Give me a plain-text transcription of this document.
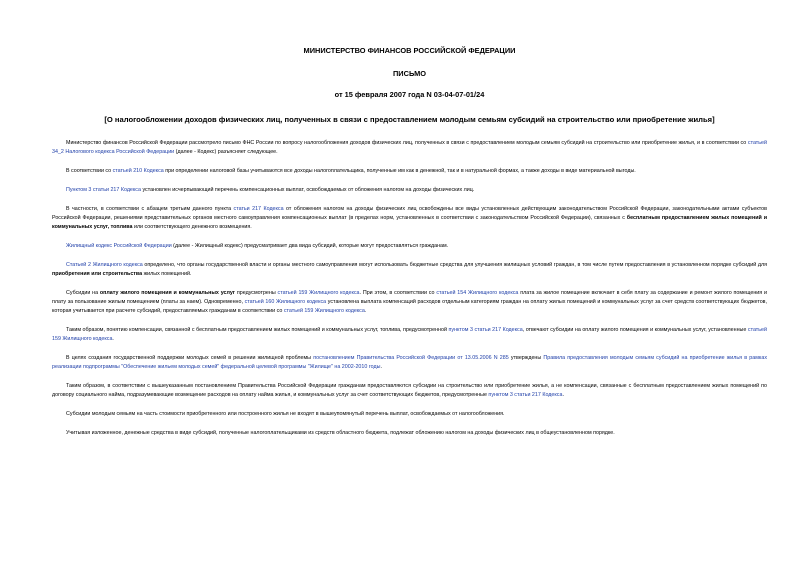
МИНИСТЕРСТВО ФИНАНСОВ РОССИЙСКОЙ ФЕДЕРАЦИИ
ПИСЬМО
от 15 февраля 2007 года N 03-04-07-01/24
[О налогообложении доходов физических лиц, полученных в связи с предоставлением молодым семьям субсидий на строительство или приобретение жилья]

Министерство финансов Российской Федерации рассмотрело письмо ФНС России по вопросу налогообложения доходов физических лиц, полученных в связи с предоставлением молодым семьям субсидий на строительство или приобретение жилья, и в соответствии со статьей 34_2 Налогового кодекса Российской Федерации (далее - Кодекс) разъясняет следующее.

В соответствии со статьей 210 Кодекса при определении налоговой базы учитываются все доходы налогоплательщика, полученные им как в денежной, так и в натуральной формах, а также доходы в виде материальной выгоды.

Пунктом 3 статьи 217 Кодекса установлен исчерпывающий перечень компенсационных выплат, освобождаемых от обложения налогом на доходы физических лиц.

В частности, в соответствии с абзацем третьим данного пункта статьи 217 Кодекса от обложения налогом на доходы физических лиц освобождены все виды установленных действующим законодательством Российской Федерации, законодательными актами субъектов Российской Федерации, решениями представительных органов местного самоуправления компенсационных выплат (в пределах норм, установленных в соответствии с законодательством Российской Федерации), связанных с бесплатным предоставлением жилых помещений и коммунальных услуг, топлива или соответствующего денежного возмещения.

Жилищный кодекс Российской Федерации (далее - Жилищный кодекс) предусматривает два вида субсидий, которые могут предоставляться гражданам.

Статьей 2 Жилищного кодекса определено, что органы государственной власти и органы местного самоуправления могут использовать бюджетные средства для улучшения жилищных условий граждан, в том числе путем предоставления в установленном порядке субсидий для приобретения или строительства жилых помещений.

Субсидии на оплату жилого помещения и коммунальных услуг предусмотрены статьей 159 Жилищного кодекса. При этом, в соответствии со статьей 154 Жилищного кодекса плата за жилое помещение включает в себя плату за содержание и ремонт жилого помещения и плату за пользование жилым помещением (платы за наем). Одновременно, статьей 160 Жилищного кодекса установлена выплата компенсаций расходов отдельным категориям граждан на оплату жилых помещений и коммунальных услуг за счет средств соответствующих бюджетов, которая учитывается при расчете субсидий, предоставляемых гражданам в соответствии со статьей 159 Жилищного кодекса.

Таким образом, понятию компенсации, связанной с бесплатным предоставлением жилых помещений и коммунальных услуг, топлива, предусмотренной пунктом 3 статьи 217 Кодекса, отвечают субсидии на оплату жилого помещения и коммунальных услуг, установленные статьей 159 Жилищного кодекса.

В целях создания государственной поддержки молодых семей в решении жилищной проблемы постановлением Правительства Российской Федерации от 13.05.2006 N 285 утверждены Правила предоставления молодым семьям субсидий на приобретение жилья в рамках реализации подпрограммы "Обеспечение жильем молодых семей" федеральной целевой программы "Жилище" на 2002-2010 годы.

Таким образом, в соответствии с вышеуказанным постановлением Правительства Российской Федерации гражданам предоставляются субсидии на строительство или приобретение жилья, а не компенсации, связанные с бесплатным предоставлением жилых помещений по договору социального найма, подразумевающие возмещение расходов на оплату найма жилья, и коммунальных услуг за счет соответствующих бюджетов, предусмотренные пунктом 3 статьи 217 Кодекса.

Субсидии молодым семьям на часть стоимости приобретенного или построенного жилья не входят в вышеупомянутый перечень выплат, освобождаемых от налогообложения.

Учитывая изложенное, денежные средства в виде субсидий, полученные налогоплательщиками из средств областного бюджета, подлежат обложению налогом на доходы физических лиц в общеустановленном порядке.
